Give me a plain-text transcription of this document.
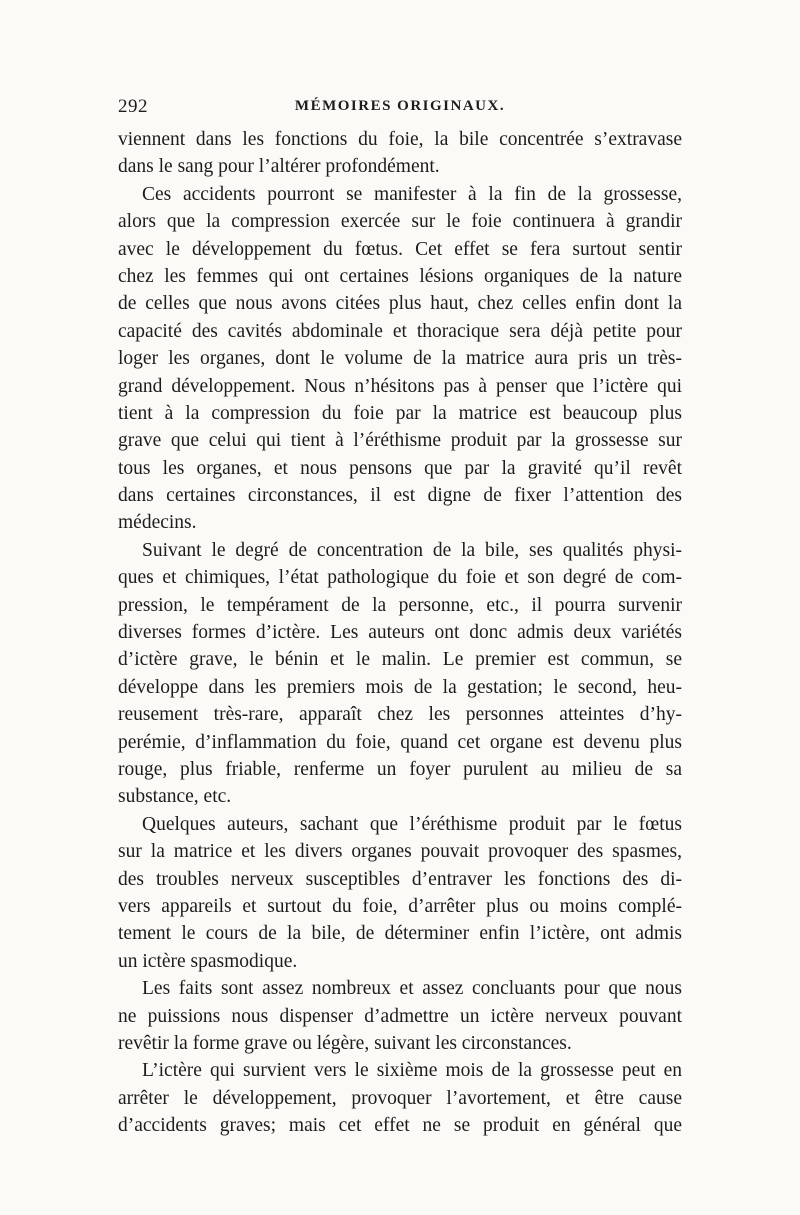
292	MÉMOIRES ORIGINAUX.
viennent dans les fonctions du foie, la bile concentrée s’extravase
dans le sang pour l’altérer profondément.
Ces accidents pourront se manifester à la fin de la grossesse,
alors que la compression exercée sur le foie continuera à grandir
avec le développement du fœtus. Cet effet se fera surtout sentir
chez les femmes qui ont certaines lésions organiques de la nature
de celles que nous avons citées plus haut, chez celles enfin dont la
capacité des cavités abdominale et thoracique sera déjà petite pour
loger les organes, dont le volume de la matrice aura pris un très-
grand développement. Nous n’hésitons pas à penser que l’ictère qui
tient à la compression du foie par la matrice est beaucoup plus
grave que celui qui tient à l’éréthisme produit par la grossesse sur
tous les organes, et nous pensons que par la gravité qu’il revêt
dans certaines circonstances, il est digne de fixer l’attention des
médecins.
Suivant le degré de concentration de la bile, ses qualités physi-
ques et chimiques, l’état pathologique du foie et son degré de com-
pression, le tempérament de la personne, etc., il pourra survenir
diverses formes d’ictère. Les auteurs ont donc admis deux variétés
d’ictère grave, le bénin et le malin. Le premier est commun, se
développe dans les premiers mois de la gestation; le second, heu-
reusement très-rare, apparaît chez les personnes atteintes d’hy-
perémie, d’inflammation du foie, quand cet organe est devenu plus
rouge, plus friable, renferme un foyer purulent au milieu de sa
substance, etc.
Quelques auteurs, sachant que l’éréthisme produit par le fœtus
sur la matrice et les divers organes pouvait provoquer des spasmes,
des troubles nerveux susceptibles d’entraver les fonctions des di-
vers appareils et surtout du foie, d’arrêter plus ou moins complé-
tement le cours de la bile, de déterminer enfin l’ictère, ont admis
un ictère spasmodique.
Les faits sont assez nombreux et assez concluants pour que nous
ne puissions nous dispenser d’admettre un ictère nerveux pouvant
revêtir la forme grave ou légère, suivant les circonstances.
L’ictère qui survient vers le sixième mois de la grossesse peut en
arrêter le développement, provoquer l’avortement, et être cause
d’accidents graves; mais cet effet ne se produit en général que
